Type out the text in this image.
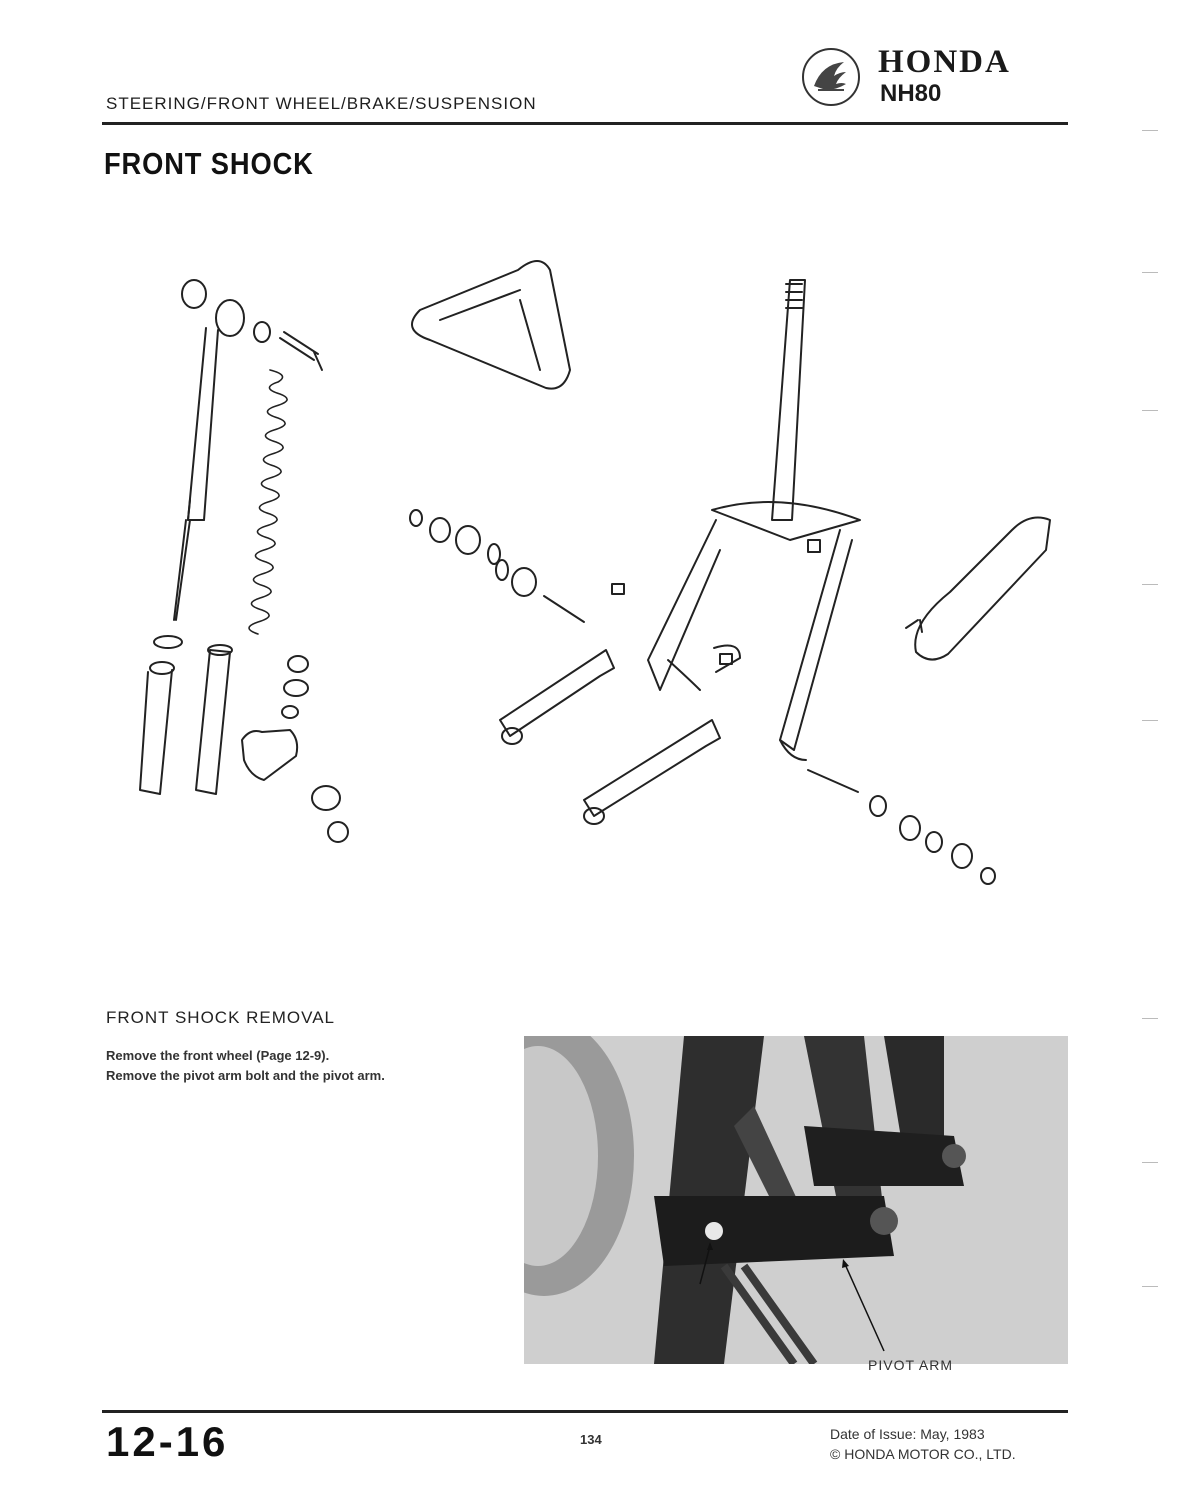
STEERING/FRONT WHEEL/BRAKE/SUSPENSION
HONDA
NH80
FRONT SHOCK
FRONT SHOCK REMOVAL
Remove the front wheel (Page 12-9).
Remove the pivot arm bolt and the pivot arm.
PIVOT ARM
12-16	134	Date of Issue: May, 1983
© HONDA MOTOR CO., LTD.
